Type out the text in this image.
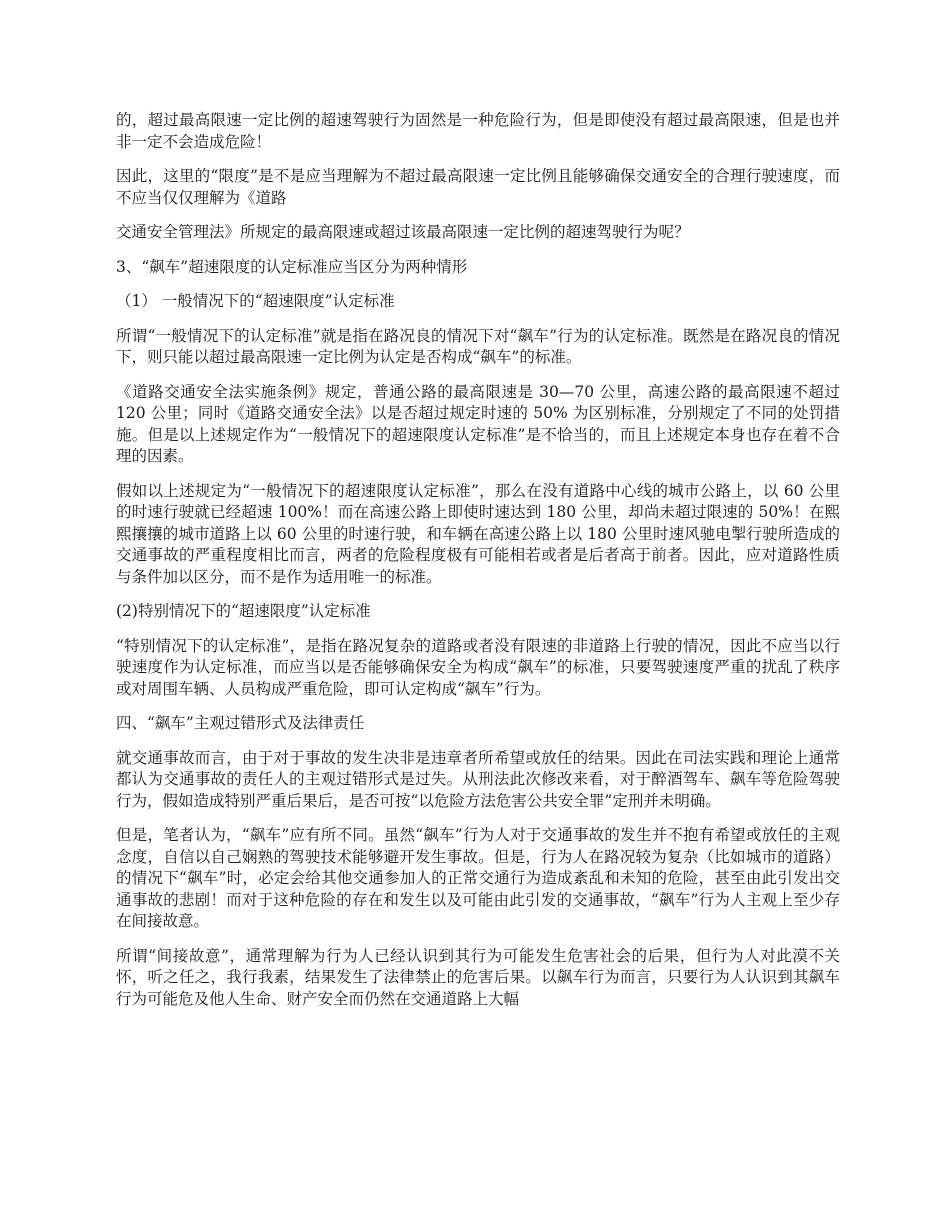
的，超过最高限速一定比例的超速驾驶行为固然是一种危险行为，但是即使没有超过最高限速，但是也并非一定不会造成危险！

因此，这里的“限度”是不是应当理解为不超过最高限速一定比例且能够确保交通安全的合理行驶速度，而不应当仅仅理解为《道路

交通安全管理法》所规定的最高限速或超过该最高限速一定比例的超速驾驶行为呢？

3、“飙车”超速限度的认定标准应当区分为两种情形

（1） 一般情况下的“超速限度”认定标准

所谓“一般情况下的认定标准”就是指在路况良的情况下对“飙车”行为的认定标准。既然是在路况良的情况下，则只能以超过最高限速一定比例为认定是否构成“飙车”的标准。

《道路交通安全法实施条例》规定，普通公路的最高限速是 30—70 公里，高速公路的最高限速不超过 120 公里；同时《道路交通安全法》以是否超过规定时速的 50% 为区别标准，分别规定了不同的处罚措施。但是以上述规定作为“一般情况下的超速限度认定标准”是不恰当的，而且上述规定本身也存在着不合理的因素。

假如以上述规定为“一般情况下的超速限度认定标准”，那么在没有道路中心线的城市公路上，以 60 公里的时速行驶就已经超速 100%！而在高速公路上即使时速达到 180 公里，却尚未超过限速的 50%！在熙熙攘攘的城市道路上以 60 公里的时速行驶，和车辆在高速公路上以 180 公里时速风驰电掣行驶所造成的交通事故的严重程度相比而言，两者的危险程度极有可能相若或者是后者高于前者。因此，应对道路性质与条件加以区分，而不是作为适用唯一的标准。

(2)特别情况下的“超速限度”认定标准

“特别情况下的认定标准”，是指在路况复杂的道路或者没有限速的非道路上行驶的情况，因此不应当以行驶速度作为认定标准，而应当以是否能够确保安全为构成“飙车”的标准，只要驾驶速度严重的扰乱了秩序或对周围车辆、人员构成严重危险，即可认定构成“飙车”行为。

四、“飙车”主观过错形式及法律责任

就交通事故而言，由于对于事故的发生决非是违章者所希望或放任的结果。因此在司法实践和理论上通常都认为交通事故的责任人的主观过错形式是过失。从刑法此次修改来看，对于醉酒驾车、飙车等危险驾驶行为，假如造成特别严重后果后，是否可按“以危险方法危害公共安全罪”定刑并未明确。

但是，笔者认为，“飙车”应有所不同。虽然“飙车”行为人对于交通事故的发生并不抱有希望或放任的主观念度，自信以自己娴熟的驾驶技术能够避开发生事故。但是，行为人在路况较为复杂（比如城市的道路）的情况下“飙车”时，必定会给其他交通参加人的正常交通行为造成紊乱和未知的危险，甚至由此引发出交通事故的悲剧！而对于这种危险的存在和发生以及可能由此引发的交通事故，“飙车”行为人主观上至少存在间接故意。

所谓“间接故意”，通常理解为行为人已经认识到其行为可能发生危害社会的后果，但行为人对此漠不关怀，听之任之，我行我素，结果发生了法律禁止的危害后果。以飙车行为而言，只要行为人认识到其飙车行为可能危及他人生命、财产安全而仍然在交通道路上大幅
